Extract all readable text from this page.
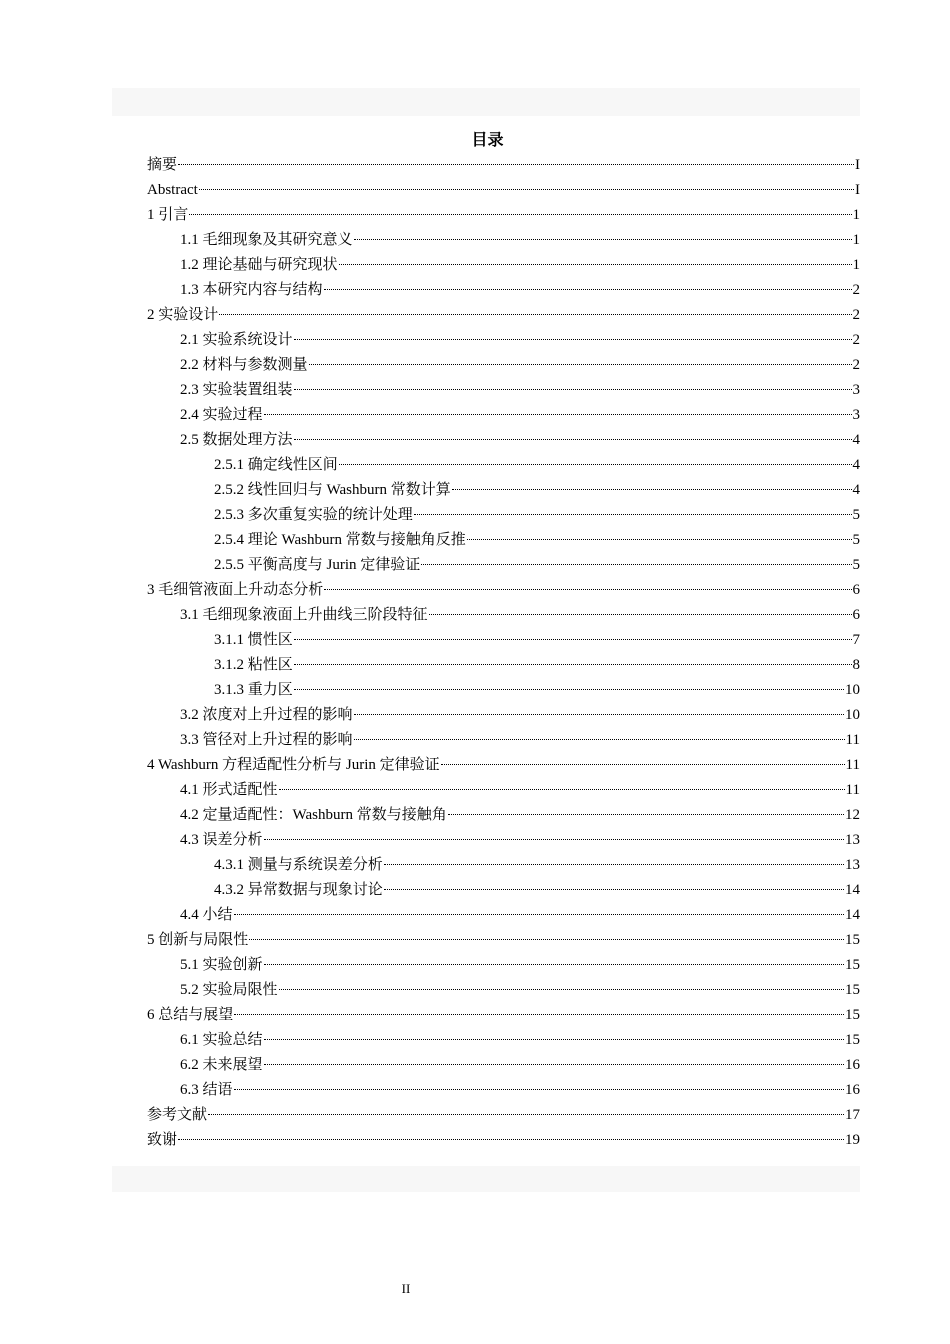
目录
摘要	I
Abstract	I
1 引言	1
1.1 毛细现象及其研究意义	1
1.2 理论基础与研究现状	1
1.3 本研究内容与结构	2
2 实验设计	2
2.1 实验系统设计	2
2.2 材料与参数测量	2
2.3 实验装置组装	3
2.4 实验过程	3
2.5 数据处理方法	4
2.5.1 确定线性区间	4
2.5.2 线性回归与 Washburn 常数计算	4
2.5.3 多次重复实验的统计处理	5
2.5.4 理论 Washburn 常数与接触角反推	5
2.5.5 平衡高度与 Jurin 定律验证	5
3 毛细管液面上升动态分析	6
3.1 毛细现象液面上升曲线三阶段特征	6
3.1.1 惯性区	7
3.1.2 粘性区	8
3.1.3 重力区	10
3.2 浓度对上升过程的影响	10
3.3 管径对上升过程的影响	11
4 Washburn 方程适配性分析与 Jurin 定律验证	11
4.1 形式适配性	11
4.2 定量适配性：Washburn 常数与接触角	12
4.3 误差分析	13
4.3.1 测量与系统误差分析	13
4.3.2 异常数据与现象讨论	14
4.4 小结	14
5 创新与局限性	15
5.1 实验创新	15
5.2 实验局限性	15
6 总结与展望	15
6.1 实验总结	15
6.2 未来展望	16
6.3 结语	16
参考文献	17
致谢	19
II
